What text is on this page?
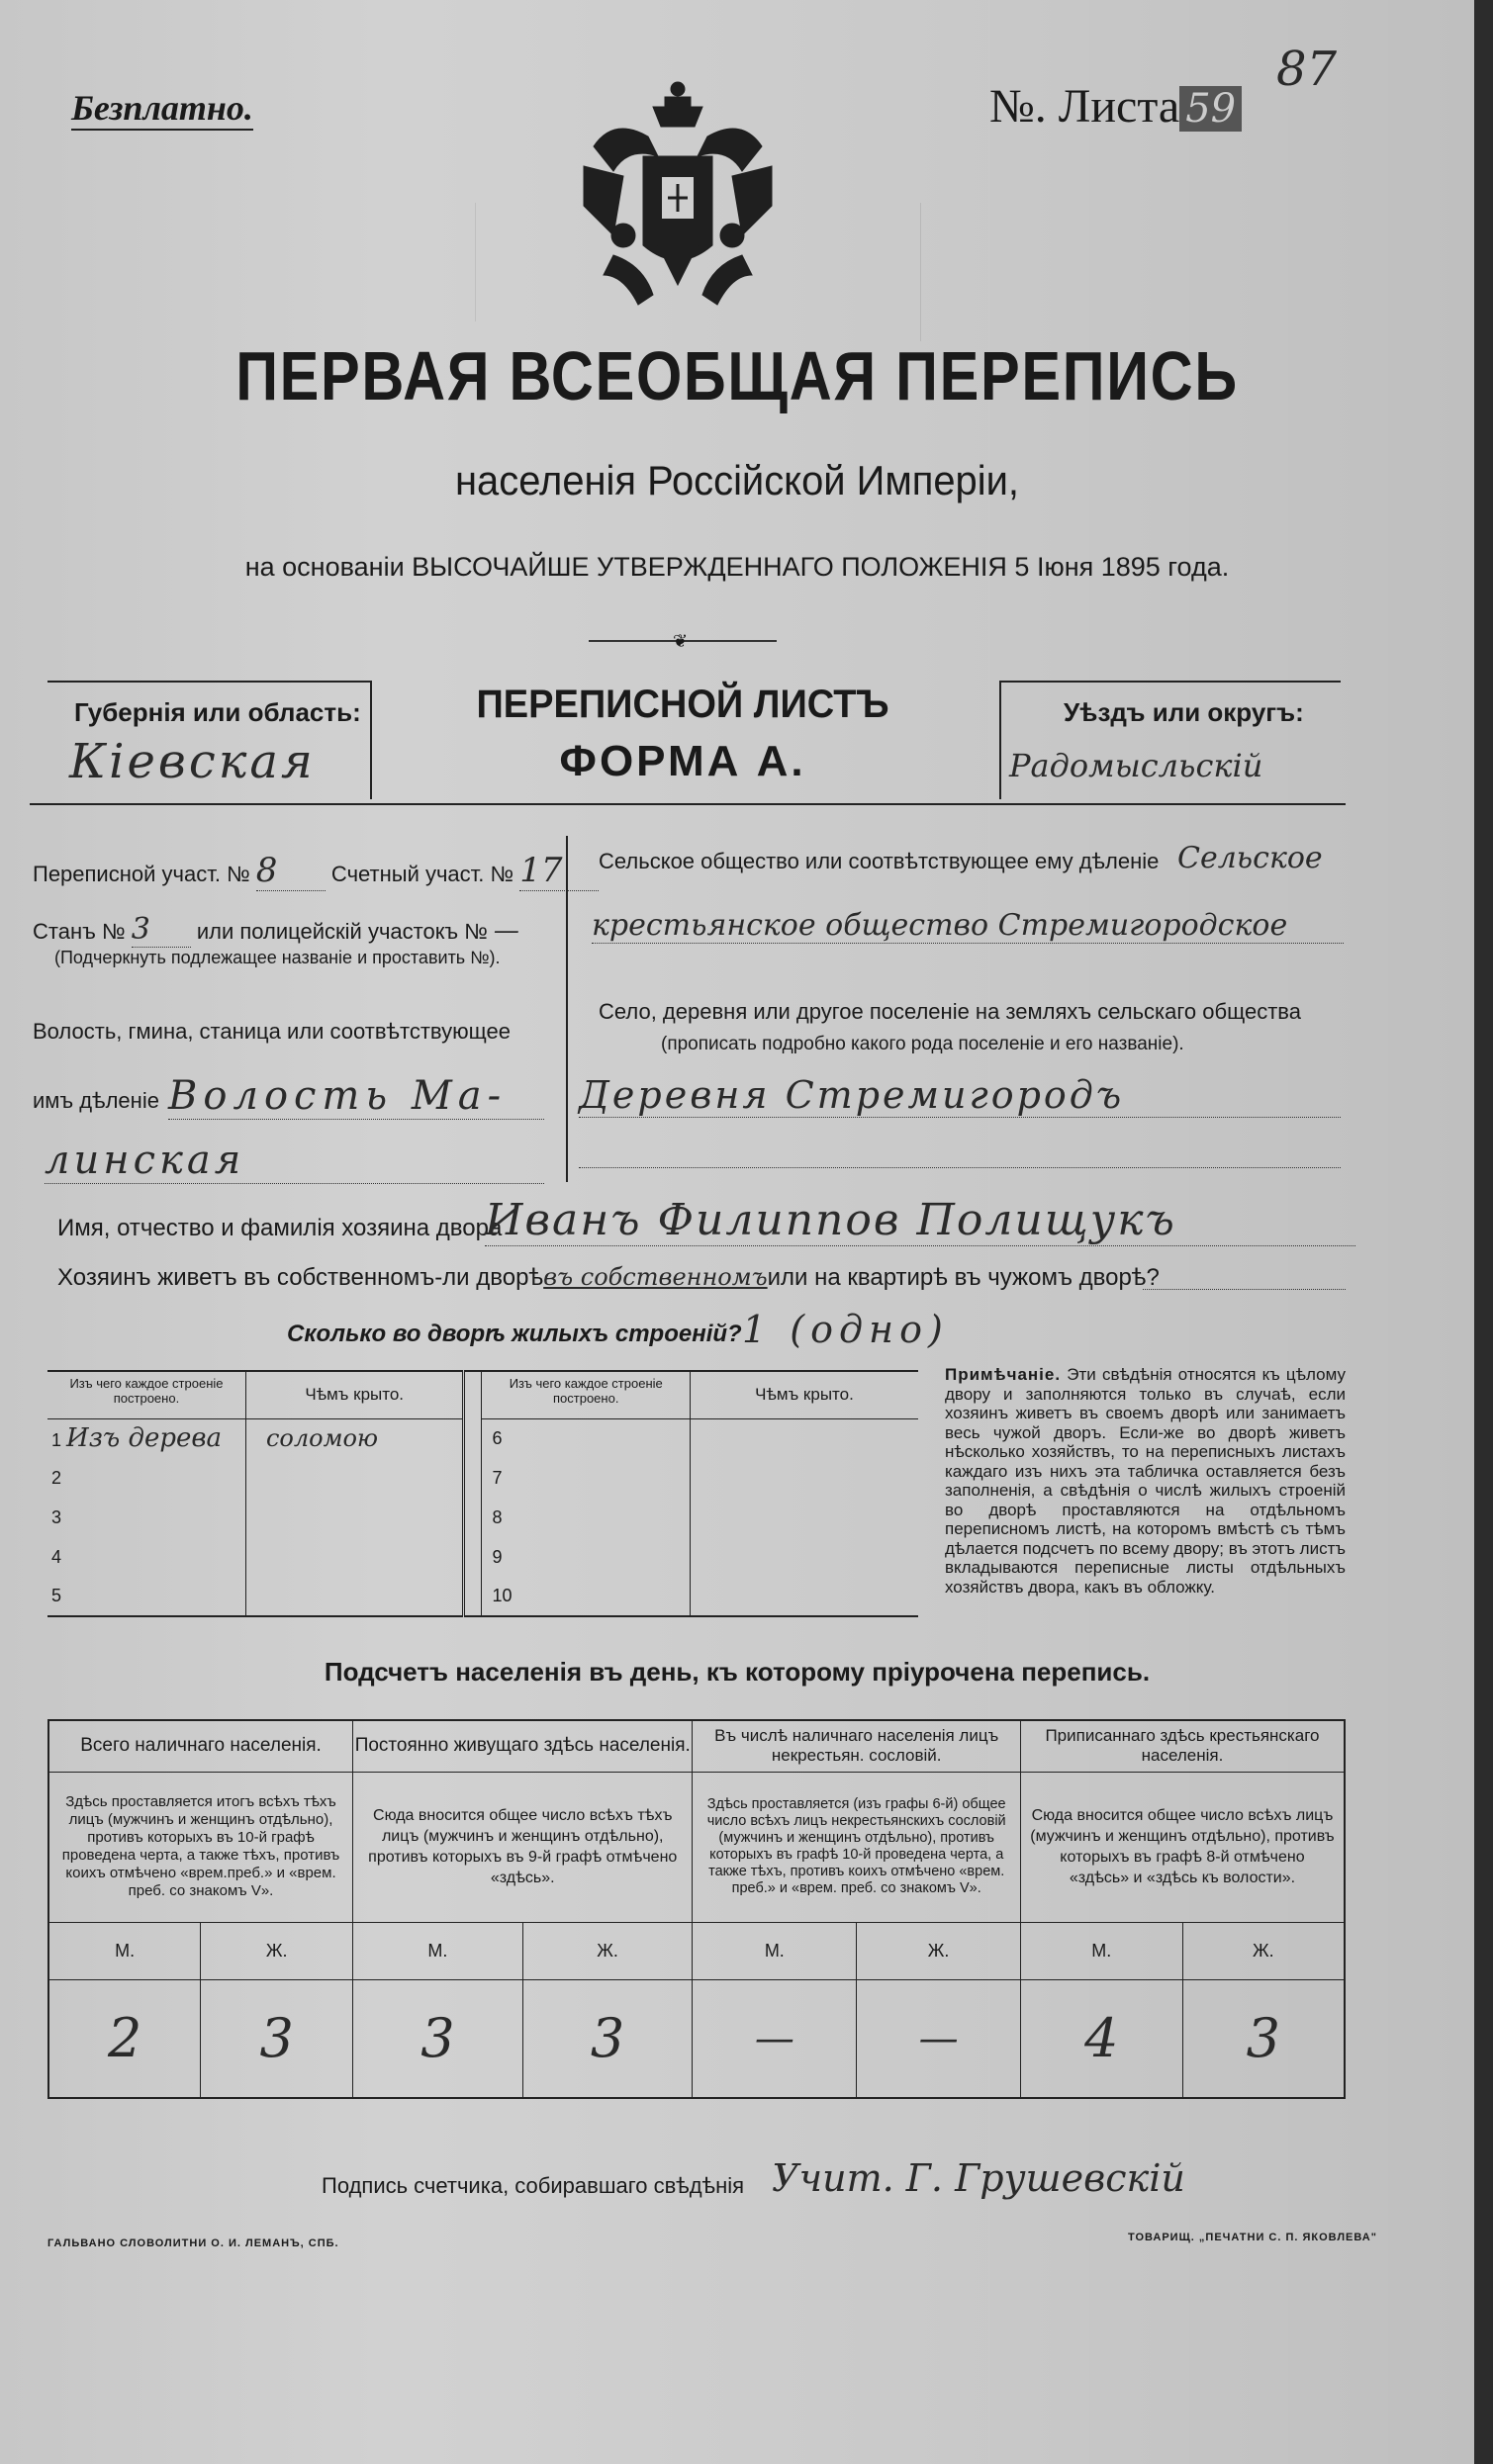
Безплатно.	№. Листа 59
87
ПЕРВАЯ ВСЕОБЩАЯ ПЕРЕПИСЬ
населенія Россійской Имперіи,
на основаніи ВЫСОЧАЙШЕ УТВЕРЖДЕННАГО ПОЛОЖЕНІЯ 5 Іюня 1895 года.
❦
Губернія или область:
Кіевская
ПЕРЕПИСНОЙ ЛИСТЪ
ФОРМА А.
Уѣздъ или округъ:
Радомысльскій
Переписной участ. № 8 Счетный участ. № 17
Станъ № 3 или полицейскій участокъ № —
(Подчеркнуть подлежащее названіе и проставить №).
Волость, гмина, станица или соотвѣтствующее
имъ дѣленіе Волость Ма-
линская
Сельское общество или соотвѣтствующее ему дѣленіе Сельское
крестьянское общество Стремигородское
Село, деревня или другое поселеніе на земляхъ сельскаго общества
(прописать подробно какого рода поселеніе и его названіе).
Деревня Стремигородъ
Имя, отчество и фамилія хозяина двора
Иванъ Филиппов Полищукъ
Хозяинъ живетъ въ собственномъ-ли дворѣвъ собственномъили на квартирѣ въ чужомъ дворѣ?
Сколько во дворѣ жилыхъ строеній? 1 (одно)
Изъ чего каждое строеніе построено.	Чѣмъ крыто.		Изъ чего каждое строеніе построено.	Чѣмъ крыто.
1 Изъ дерева	соломою		6	
2			7	
3			8	
4			9	
5			10	
Примѣчаніе. Эти свѣдѣнія относятся къ цѣлому двору и заполняются только въ случаѣ, если хозяинъ живетъ въ своемъ дворѣ или занимаетъ весь чужой дворъ. Если-же во дворѣ живетъ нѣсколько хозяйствъ, то на переписныхъ листахъ каждаго изъ нихъ эта табличка оставляется безъ заполненія, а свѣдѣнія о числѣ жилыхъ строеній во дворѣ проставляются на отдѣльномъ переписномъ листѣ, на которомъ вмѣстѣ съ тѣмъ дѣлается подсчетъ по всему двору; въ этотъ листъ вкладываются переписные листы отдѣльныхъ хозяйствъ двора, какъ въ обложку.
Подсчетъ населенія въ день, къ которому пріурочена перепись.
Всего наличнаго населенія.		Постоянно живущаго здѣсь населенія.		Въ числѣ наличнаго населенія лицъ некрестьян. сословій.		Приписаннаго здѣсь крестьянскаго населенія.	
Здѣсь проставляется итогъ всѣхъ тѣхъ лицъ (мужчинъ и женщинъ отдѣльно), противъ которыхъ въ 10-й графѣ проведена черта, а также тѣхъ, противъ коихъ отмѣчено «врем.преб.» и «врем. преб. со знакомъ V».		Сюда вносится общее число всѣхъ тѣхъ лицъ (мужчинъ и женщинъ отдѣльно), противъ которыхъ въ 9-й графѣ отмѣчено «здѣсь».		Здѣсь проставляется (изъ графы 6-й) общее число всѣхъ лицъ некрестьянскихъ сословій (мужчинъ и женщинъ отдѣльно), противъ которыхъ въ графѣ 10-й проведена черта, а также тѣхъ, противъ коихъ отмѣчено «врем. преб.» и «врем. преб. со знакомъ V».		Сюда вносится общее число всѣхъ лицъ (мужчинъ и женщинъ отдѣльно), противъ которыхъ въ графѣ 8-й отмѣчено «здѣсь» и «здѣсь къ волости».	
М.	Ж.	М.	Ж.	М.	Ж.	М.	Ж.
2	3	3	3	—	—	4	3
Подпись счетчика, собиравшаго свѣдѣнія Учит. Г. Грушевскій
ГАЛЬВАНО СЛОВОЛИТНИ О. И. ЛЕМАНЪ, СПБ.	ТОВАРИЩ. „ПЕЧАТНИ С. П. ЯКОВЛЕВА"
